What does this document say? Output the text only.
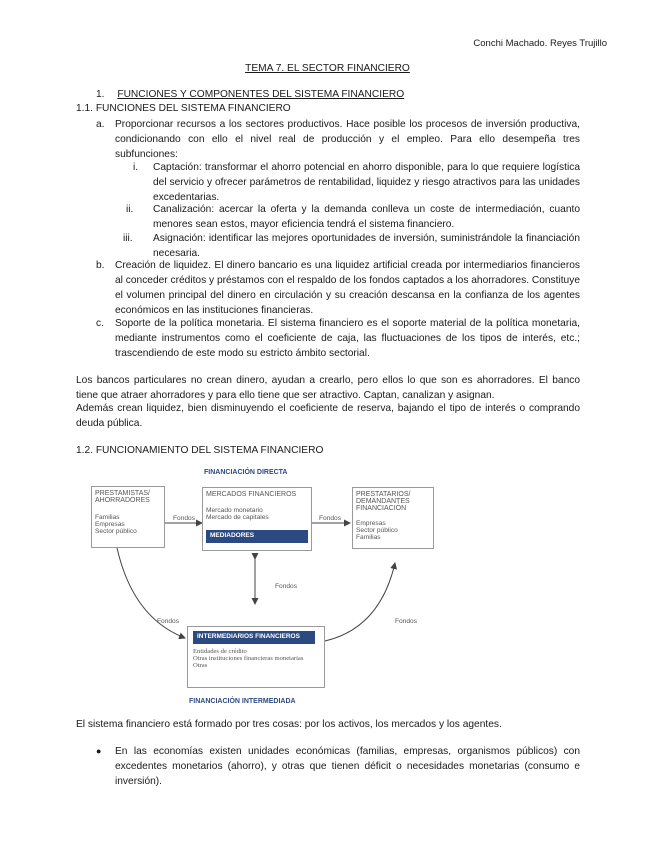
Conchi Machado. Reyes Trujillo
TEMA 7. EL SECTOR FINANCIERO
1. FUNCIONES Y COMPONENTES DEL SISTEMA FINANCIERO
1.1. FUNCIONES DEL SISTEMA FINANCIERO
a. Proporcionar recursos a los sectores productivos. Hace posible los procesos de inversión productiva, condicionando con ello el nivel real de producción y el empleo. Para ello desempeña tres subfunciones:
i. Captación: transformar el ahorro potencial en ahorro disponible, para lo que requiere logística del servicio y ofrecer parámetros de rentabilidad, liquidez y riesgo atractivos para las unidades excedentarias.
ii. Canalización: acercar la oferta y la demanda conlleva un coste de intermediación, cuanto menores sean estos, mayor eficiencia tendrá el sistema financiero.
iii. Asignación: identificar las mejores oportunidades de inversión, suministrándole la financiación necesaria.
b. Creación de liquidez. El dinero bancario es una liquidez artificial creada por intermediarios financieros al conceder créditos y préstamos con el respaldo de los fondos captados a los ahorradores. Constituye el volumen principal del dinero en circulación y su creación descansa en la confianza de los agentes económicos en las instituciones financieras.
c. Soporte de la política monetaria. El sistema financiero es el soporte material de la política monetaria, mediante instrumentos como el coeficiente de caja, las fluctuaciones de los tipos de interés, etc.; trascendiendo de este modo su estricto ámbito sectorial.
Los bancos particulares no crean dinero, ayudan a crearlo, pero ellos lo que son es ahorradores. El banco tiene que atraer ahorradores y para ello tiene que ser atractivo. Captan, canalizan y asignan.
Además crean liquidez, bien disminuyendo el coeficiente de reserva, bajando el tipo de interés o comprando deuda pública.
1.2. FUNCIONAMIENTO DEL SISTEMA FINANCIERO
FINANCIACIÓN DIRECTA
PRESTAMISTAS/
AHORRADORES
Familias
Empresas
Sector público
Fondos	Fondos
Fondos
Fondos	Fondos
MERCADOS FINANCIEROS
Mercado monetario
Mercado de capitales
MEDIADORES
PRESTATARIOS/
DEMANDANTES
FINANCIACIÓN
Empresas
Sector público
Familias
INTERMEDIARIOS FINANCIEROS
Entidades de crédito
Otras instituciones financieras monetarias
Otras
FINANCIACIÓN INTERMEDIADA
El sistema financiero está formado por tres cosas: por los activos, los mercados y los agentes.
● En las economías existen unidades económicas (familias, empresas, organismos públicos) con excedentes monetarios (ahorro), y otras que tienen déficit o necesidades monetarias (consumo e inversión).
